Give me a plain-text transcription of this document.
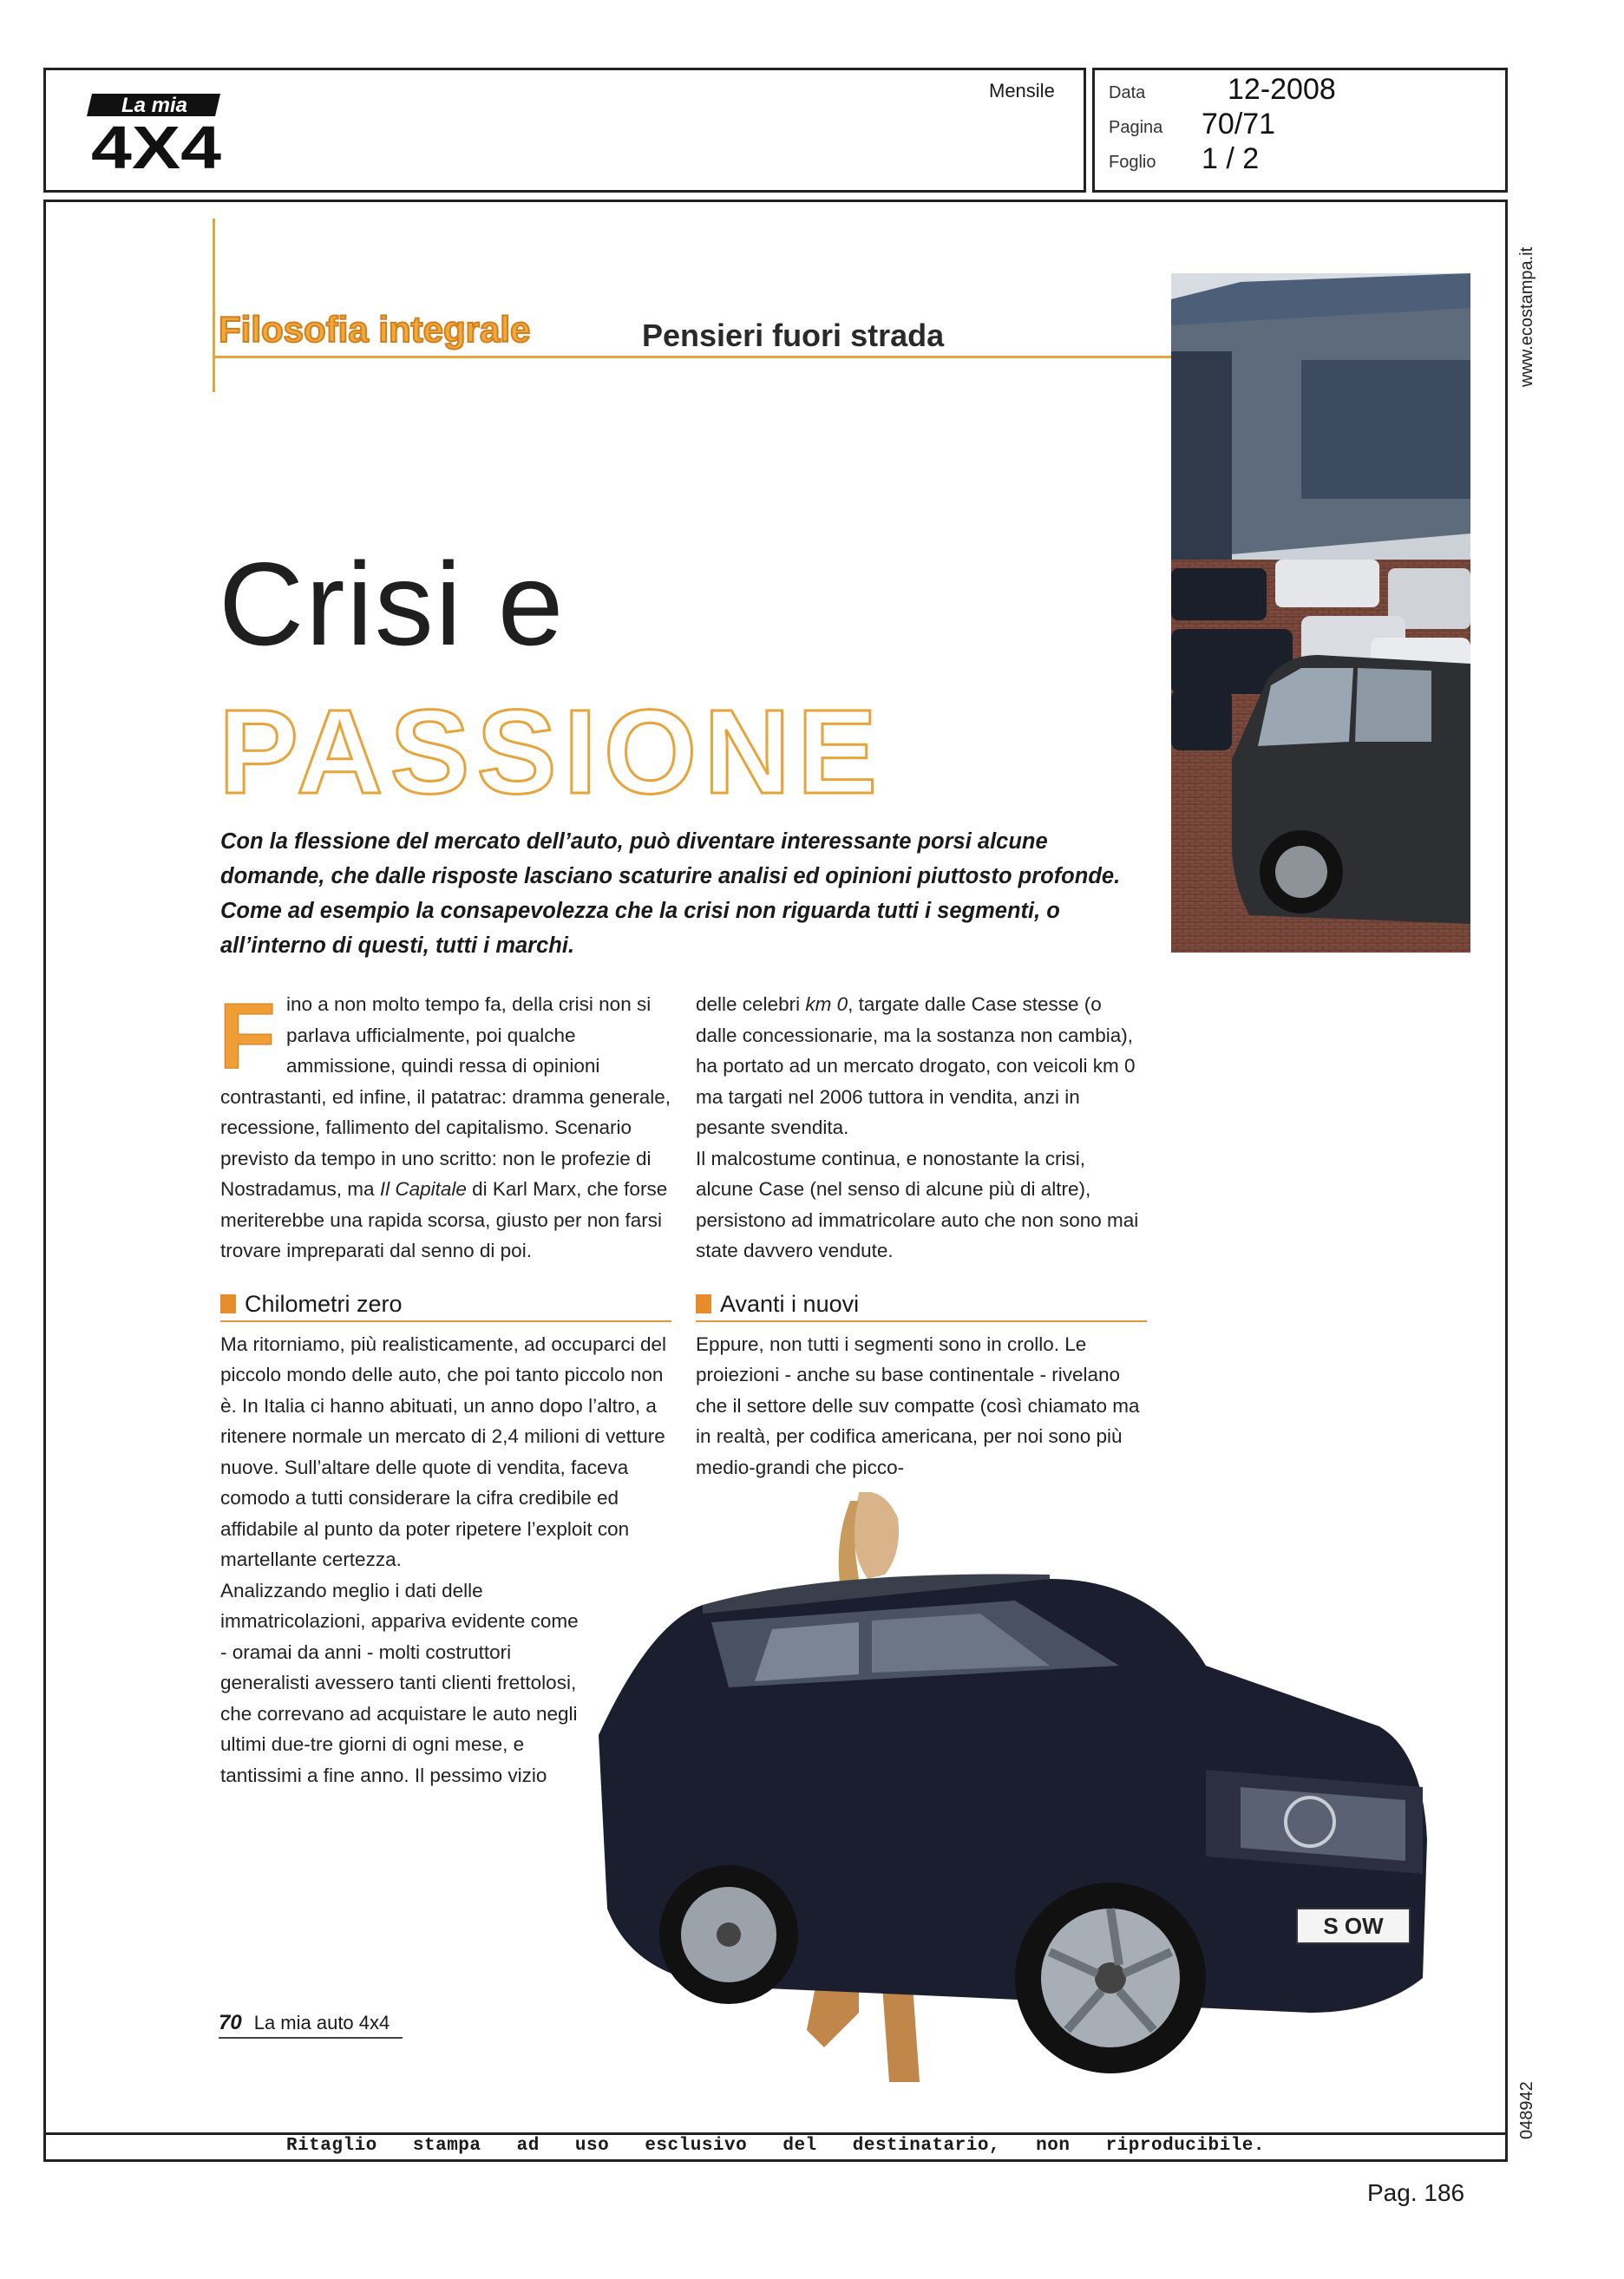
La mia
4X4
Mensile	Data	12-2008
Pagina 70/71
Foglio 1 / 2
Ritaglio stampa ad uso esclusivo del destinatario, non riproducibile.
www.ecostampa.it
048942
Pag. 186
Filosofia integrale	Pensieri fuori strada
Crisi e
PASSIONE
Con la flessione del mercato dell’auto, può diventare interessante porsi alcune domande, che dalle risposte lasciano scaturire analisi ed opinioni piuttosto profonde. Come ad esempio la consapevolezza che la crisi non riguarda tutti i segmenti, o all’interno di questi, tutti i marchi.
Fino a non molto tempo fa, della crisi non si parlava ufficialmente, poi qualche ammissione, quindi ressa di opinioni contrastanti, ed infine, il patatrac: dramma generale, recessione, fallimento del capitalismo. Scenario previsto da tempo in uno scritto: non le profezie di Nostradamus, ma Il Capitale di Karl Marx, che forse meriterebbe una rapida scorsa, giusto per non farsi trovare impreparati dal senno di poi.
Chilometri zero
Ma ritorniamo, più realisticamente, ad occuparci del piccolo mondo delle auto, che poi tanto piccolo non è. In Italia ci hanno abituati, un anno dopo l’altro, a ritenere normale un mercato di 2,4 milioni di vetture nuove. Sull’altare delle quote di vendita, faceva comodo a tutti considerare la cifra credibile ed affidabile al punto da poter ripetere l’exploit con martellante certezza.
Analizzando meglio i dati delle immatricolazioni, appariva evidente come - oramai da anni - molti costruttori generalisti avessero tanti clienti frettolosi, che correvano ad acquistare le auto negli ultimi due-tre giorni di ogni mese, e tantissimi a fine anno. Il pessimo vizio
delle celebri km 0, targate dalle Case stesse (o dalle concessionarie, ma la sostanza non cambia), ha portato ad un mercato drogato, con veicoli km 0 ma targati nel 2006 tuttora in vendita, anzi in pesante svendita.
Il malcostume continua, e nonostante la crisi, alcune Case (nel senso di alcune più di altre), persistono ad immatricolare auto che non sono mai state davvero vendute.
Avanti i nuovi
Eppure, non tutti i segmenti sono in crollo. Le proiezioni - anche su base continentale - rivelano che il settore delle suv compatte (così chiamato ma in realtà, per codifica americana, per noi sono più medio-grandi che picco-
70 La mia auto 4x4
S OW
